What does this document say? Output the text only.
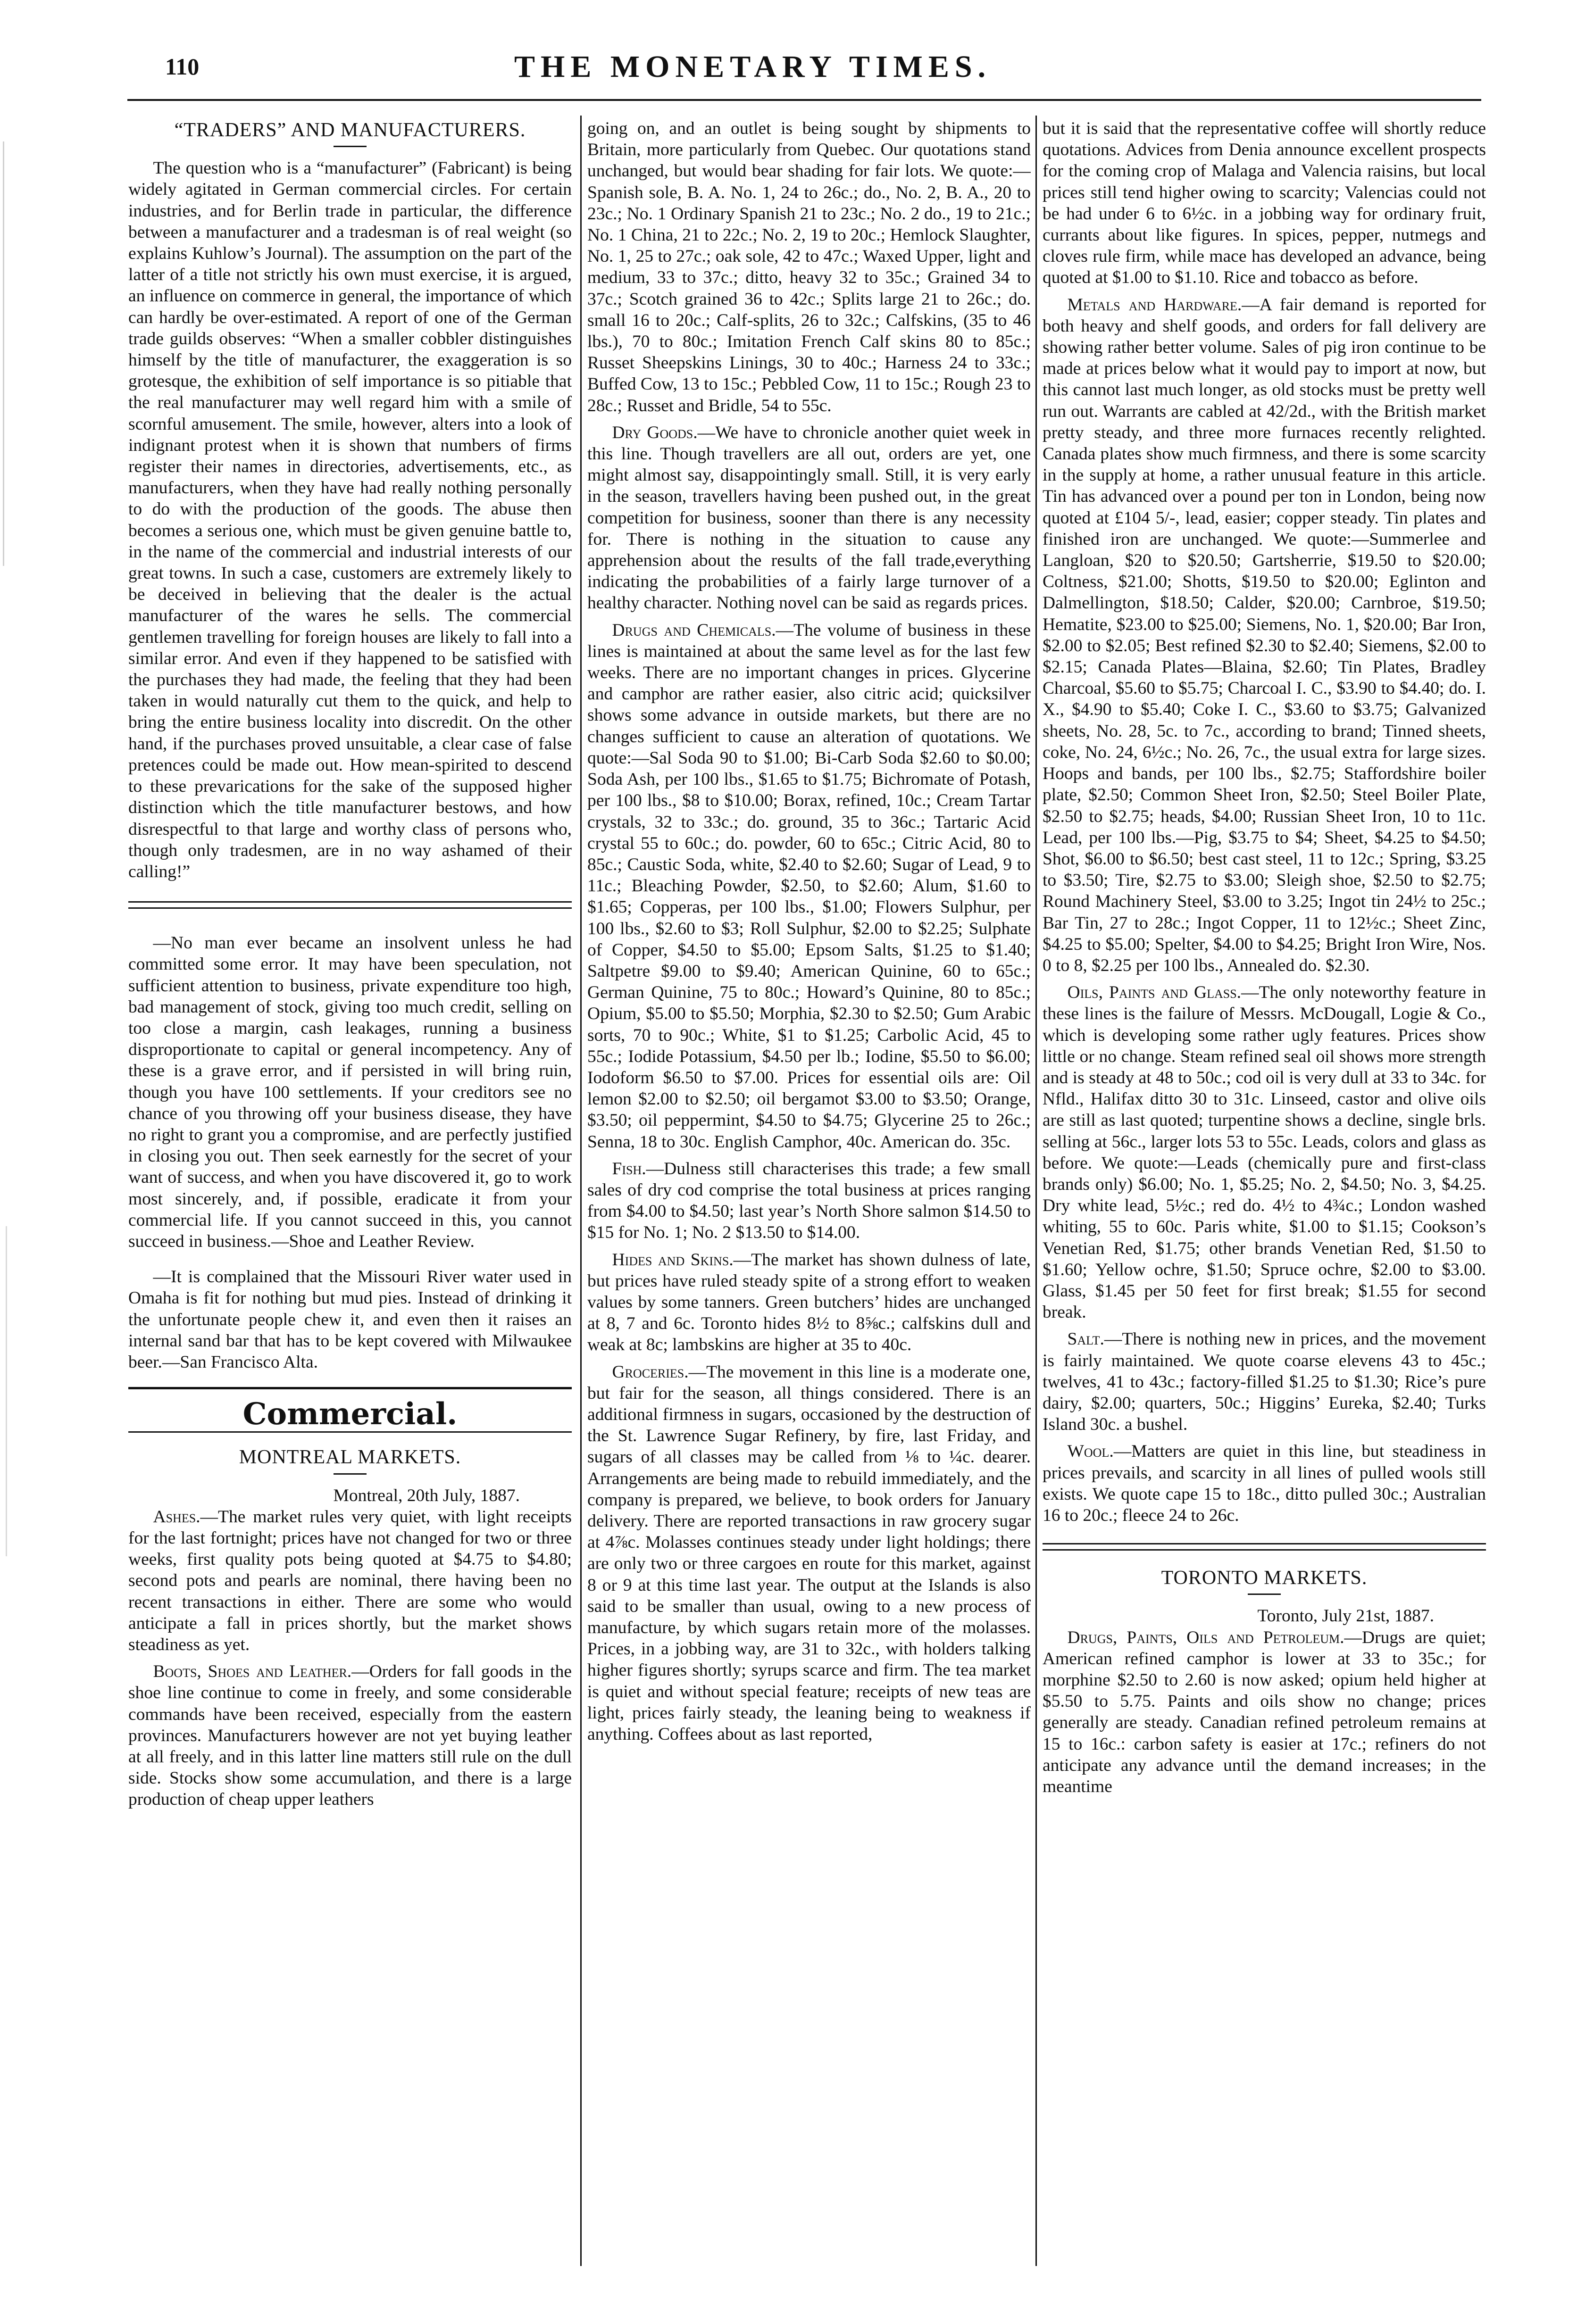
110	THE MONETARY TIMES.
“TRADERS” AND MANUFACTURERS.

The question who is a “manufacturer” (Fabricant) is being widely agitated in German commercial circles. For certain industries, and for Berlin trade in particular, the difference between a manufacturer and a tradesman is of real weight (so explains Kuhlow’s Journal). The assumption on the part of the latter of a title not strictly his own must exercise, it is argued, an influence on commerce in general, the importance of which can hardly be over-estimated. A report of one of the German trade guilds observes: “When a smaller cobbler distinguishes himself by the title of manufacturer, the exaggeration is so grotesque, the exhibition of self importance is so pitiable that the real manufacturer may well regard him with a smile of scornful amusement. The smile, however, alters into a look of indignant protest when it is shown that numbers of firms register their names in directories, advertisements, etc., as manufacturers, when they have had really nothing personally to do with the production of the goods. The abuse then becomes a serious one, which must be given genuine battle to, in the name of the commercial and industrial interests of our great towns. In such a case, customers are extremely likely to be deceived in believing that the dealer is the actual manufacturer of the wares he sells. The commercial gentlemen travelling for foreign houses are likely to fall into a similar error. And even if they happened to be satisfied with the purchases they had made, the feeling that they had been taken in would naturally cut them to the quick, and help to bring the entire business locality into discredit. On the other hand, if the purchases proved unsuitable, a clear case of false pretences could be made out. How mean-spirited to descend to these prevarications for the sake of the supposed higher distinction which the title manufacturer bestows, and how disrespectful to that large and worthy class of persons who, though only tradesmen, are in no way ashamed of their calling!”

—No man ever became an insolvent unless he had committed some error. It may have been speculation, not sufficient attention to business, private expenditure too high, bad management of stock, giving too much credit, selling on too close a margin, cash leakages, running a business disproportionate to capital or general incompetency. Any of these is a grave error, and if persisted in will bring ruin, though you have 100 settlements. If your creditors see no chance of you throwing off your business disease, they have no right to grant you a compromise, and are perfectly justified in closing you out. Then seek earnestly for the secret of your want of success, and when you have discovered it, go to work most sincerely, and, if possible, eradicate it from your commercial life. If you cannot succeed in this, you cannot succeed in business.—Shoe and Leather Review.

—It is complained that the Missouri River water used in Omaha is fit for nothing but mud pies. Instead of drinking it the unfortunate people chew it, and even then it raises an internal sand bar that has to be kept covered with Milwaukee beer.—San Francisco Alta.

Commercial.
MONTREAL MARKETS.

Montreal, 20th July, 1887.

Ashes.—The market rules very quiet, with light receipts for the last fortnight; prices have not changed for two or three weeks, first quality pots being quoted at $4.75 to $4.80; second pots and pearls are nominal, there having been no recent transactions in either. There are some who would anticipate a fall in prices shortly, but the market shows steadiness as yet.

Boots, Shoes and Leather.—Orders for fall goods in the shoe line continue to come in freely, and some considerable commands have been received, especially from the eastern provinces. Manufacturers however are not yet buying leather at all freely, and in this latter line matters still rule on the dull side. Stocks show some accumulation, and there is a large production of cheap upper leathers

going on, and an outlet is being sought by shipments to Britain, more particularly from Quebec. Our quotations stand unchanged, but would bear shading for fair lots. We quote:—Spanish sole, B. A. No. 1, 24 to 26c.; do., No. 2, B. A., 20 to 23c.; No. 1 Ordinary Spanish 21 to 23c.; No. 2 do., 19 to 21c.; No. 1 China, 21 to 22c.; No. 2, 19 to 20c.; Hemlock Slaughter, No. 1, 25 to 27c.; oak sole, 42 to 47c.; Waxed Upper, light and medium, 33 to 37c.; ditto, heavy 32 to 35c.; Grained 34 to 37c.; Scotch grained 36 to 42c.; Splits large 21 to 26c.; do. small 16 to 20c.; Calf-splits, 26 to 32c.; Calfskins, (35 to 46 lbs.), 70 to 80c.; Imitation French Calf skins 80 to 85c.; Russet Sheepskins Linings, 30 to 40c.; Harness 24 to 33c.; Buffed Cow, 13 to 15c.; Pebbled Cow, 11 to 15c.; Rough 23 to 28c.; Russet and Bridle, 54 to 55c.

Dry Goods.—We have to chronicle another quiet week in this line. Though travellers are all out, orders are yet, one might almost say, disappointingly small. Still, it is very early in the season, travellers having been pushed out, in the great competition for business, sooner than there is any necessity for. There is nothing in the situation to cause any apprehension about the results of the fall trade,everything indicating the probabilities of a fairly large turnover of a healthy character. Nothing novel can be said as regards prices.

Drugs and Chemicals.—The volume of business in these lines is maintained at about the same level as for the last few weeks. There are no important changes in prices. Glycerine and camphor are rather easier, also citric acid; quicksilver shows some advance in outside markets, but there are no changes sufficient to cause an alteration of quotations. We quote:—Sal Soda 90 to $1.00; Bi-Carb Soda $2.60 to $0.00; Soda Ash, per 100 lbs., $1.65 to $1.75; Bichromate of Potash, per 100 lbs., $8 to $10.00; Borax, refined, 10c.; Cream Tartar crystals, 32 to 33c.; do. ground, 35 to 36c.; Tartaric Acid crystal 55 to 60c.; do. powder, 60 to 65c.; Citric Acid, 80 to 85c.; Caustic Soda, white, $2.40 to $2.60; Sugar of Lead, 9 to 11c.; Bleaching Powder, $2.50, to $2.60; Alum, $1.60 to $1.65; Copperas, per 100 lbs., $1.00; Flowers Sulphur, per 100 lbs., $2.60 to $3; Roll Sulphur, $2.00 to $2.25; Sulphate of Copper, $4.50 to $5.00; Epsom Salts, $1.25 to $1.40; Saltpetre $9.00 to $9.40; American Quinine, 60 to 65c.; German Quinine, 75 to 80c.; Howard’s Quinine, 80 to 85c.; Opium, $5.00 to $5.50; Morphia, $2.30 to $2.50; Gum Arabic sorts, 70 to 90c.; White, $1 to $1.25; Carbolic Acid, 45 to 55c.; Iodide Potassium, $4.50 per lb.; Iodine, $5.50 to $6.00; Iodoform $6.50 to $7.00. Prices for essential oils are: Oil lemon $2.00 to $2.50; oil bergamot $3.00 to $3.50; Orange, $3.50; oil peppermint, $4.50 to $4.75; Glycerine 25 to 26c.; Senna, 18 to 30c. English Camphor, 40c. American do. 35c.

Fish.—Dulness still characterises this trade; a few small sales of dry cod comprise the total business at prices ranging from $4.00 to $4.50; last year’s North Shore salmon $14.50 to $15 for No. 1; No. 2 $13.50 to $14.00.

Hides and Skins.—The market has shown dulness of late, but prices have ruled steady spite of a strong effort to weaken values by some tanners. Green butchers’ hides are unchanged at 8, 7 and 6c. Toronto hides 8½ to 8⅝c.; calfskins dull and weak at 8c; lambskins are higher at 35 to 40c.

Groceries.—The movement in this line is a moderate one, but fair for the season, all things considered. There is an additional firmness in sugars, occasioned by the destruction of the St. Lawrence Sugar Refinery, by fire, last Friday, and sugars of all classes may be called from ⅛ to ¼c. dearer. Arrangements are being made to rebuild immediately, and the company is prepared, we believe, to book orders for January delivery. There are reported transactions in raw grocery sugar at 4⅞c. Molasses continues steady under light holdings; there are only two or three cargoes en route for this market, against 8 or 9 at this time last year. The output at the Islands is also said to be smaller than usual, owing to a new process of manufacture, by which sugars retain more of the molasses. Prices, in a jobbing way, are 31 to 32c., with holders talking higher figures shortly; syrups scarce and firm. The tea market is quiet and without special feature; receipts of new teas are light, prices fairly steady, the leaning being to weakness if anything. Coffees about as last reported,

but it is said that the representative coffee will shortly reduce quotations. Advices from Denia announce excellent prospects for the coming crop of Malaga and Valencia raisins, but local prices still tend higher owing to scarcity; Valencias could not be had under 6 to 6½c. in a jobbing way for ordinary fruit, currants about like figures. In spices, pepper, nutmegs and cloves rule firm, while mace has developed an advance, being quoted at $1.00 to $1.10. Rice and tobacco as before.

Metals and Hardware.—A fair demand is reported for both heavy and shelf goods, and orders for fall delivery are showing rather better volume. Sales of pig iron continue to be made at prices below what it would pay to import at now, but this cannot last much longer, as old stocks must be pretty well run out. Warrants are cabled at 42/2d., with the British market pretty steady, and three more furnaces recently relighted. Canada plates show much firmness, and there is some scarcity in the supply at home, a rather unusual feature in this article. Tin has advanced over a pound per ton in London, being now quoted at £104 5/-, lead, easier; copper steady. Tin plates and finished iron are unchanged. We quote:—Summerlee and Langloan, $20 to $20.50; Gartsherrie, $19.50 to $20.00; Coltness, $21.00; Shotts, $19.50 to $20.00; Eglinton and Dalmellington, $18.50; Calder, $20.00; Carnbroe, $19.50; Hematite, $23.00 to $25.00; Siemens, No. 1, $20.00; Bar Iron, $2.00 to $2.05; Best refined $2.30 to $2.40; Siemens, $2.00 to $2.15; Canada Plates—Blaina, $2.60; Tin Plates, Bradley Charcoal, $5.60 to $5.75; Charcoal I. C., $3.90 to $4.40; do. I. X., $4.90 to $5.40; Coke I. C., $3.60 to $3.75; Galvanized sheets, No. 28, 5c. to 7c., according to brand; Tinned sheets, coke, No. 24, 6½c.; No. 26, 7c., the usual extra for large sizes. Hoops and bands, per 100 lbs., $2.75; Staffordshire boiler plate, $2.50; Common Sheet Iron, $2.50; Steel Boiler Plate, $2.50 to $2.75; heads, $4.00; Russian Sheet Iron, 10 to 11c. Lead, per 100 lbs.—Pig, $3.75 to $4; Sheet, $4.25 to $4.50; Shot, $6.00 to $6.50; best cast steel, 11 to 12c.; Spring, $3.25 to $3.50; Tire, $2.75 to $3.00; Sleigh shoe, $2.50 to $2.75; Round Machinery Steel, $3.00 to 3.25; Ingot tin 24½ to 25c.; Bar Tin, 27 to 28c.; Ingot Copper, 11 to 12½c.; Sheet Zinc, $4.25 to $5.00; Spelter, $4.00 to $4.25; Bright Iron Wire, Nos. 0 to 8, $2.25 per 100 lbs., Annealed do. $2.30.

Oils, Paints and Glass.—The only noteworthy feature in these lines is the failure of Messrs. McDougall, Logie & Co., which is developing some rather ugly features. Prices show little or no change. Steam refined seal oil shows more strength and is steady at 48 to 50c.; cod oil is very dull at 33 to 34c. for Nfld., Halifax ditto 30 to 31c. Linseed, castor and olive oils are still as last quoted; turpentine shows a decline, single brls. selling at 56c., larger lots 53 to 55c. Leads, colors and glass as before. We quote:—Leads (chemically pure and first-class brands only) $6.00; No. 1, $5.25; No. 2, $4.50; No. 3, $4.25. Dry white lead, 5½c.; red do. 4½ to 4¾c.; London washed whiting, 55 to 60c. Paris white, $1.00 to $1.15; Cookson’s Venetian Red, $1.75; other brands Venetian Red, $1.50 to $1.60; Yellow ochre, $1.50; Spruce ochre, $2.00 to $3.00. Glass, $1.45 per 50 feet for first break; $1.55 for second break.

Salt.—There is nothing new in prices, and the movement is fairly maintained. We quote coarse elevens 43 to 45c.; twelves, 41 to 43c.; factory-filled $1.25 to $1.30; Rice’s pure dairy, $2.00; quarters, 50c.; Higgins’ Eureka, $2.40; Turks Island 30c. a bushel.

Wool.—Matters are quiet in this line, but steadiness in prices prevails, and scarcity in all lines of pulled wools still exists. We quote cape 15 to 18c., ditto pulled 30c.; Australian 16 to 20c.; fleece 24 to 26c.

TORONTO MARKETS.

Toronto, July 21st, 1887.

Drugs, Paints, Oils and Petroleum.—Drugs are quiet; American refined camphor is lower at 33 to 35c.; for morphine $2.50 to 2.60 is now asked; opium held higher at $5.50 to 5.75. Paints and oils show no change; prices generally are steady. Canadian refined petroleum remains at 15 to 16c.: carbon safety is easier at 17c.; refiners do not anticipate any advance until the demand increases; in the meantime
